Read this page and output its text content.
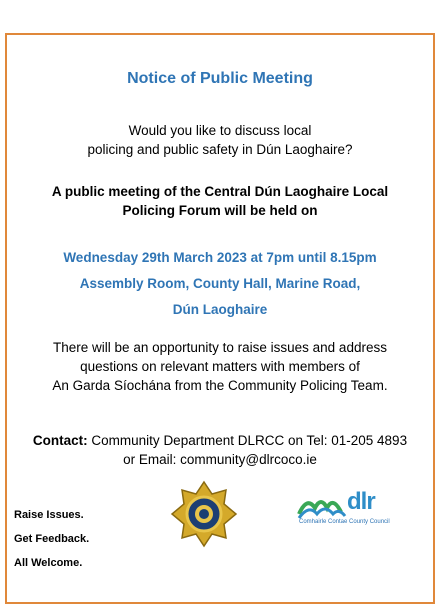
Notice of Public Meeting
Would you like to discuss local
policing and public safety in Dún Laoghaire?
A public meeting of the Central Dún Laoghaire Local
Policing Forum will be held on
Wednesday 29th March 2023 at 7pm until 8.15pm
Assembly Room, County Hall, Marine Road,
Dún Laoghaire
There will be an opportunity to raise issues and address
questions on relevant matters with members of
An Garda Síochána from the Community Policing Team.
Contact: Community Department DLRCC on Tel: 01-205 4893
or Email: community@dlrcoco.ie
Raise Issues.
Get Feedback.
All Welcome.
dlr
Comhairle Contae County Council
